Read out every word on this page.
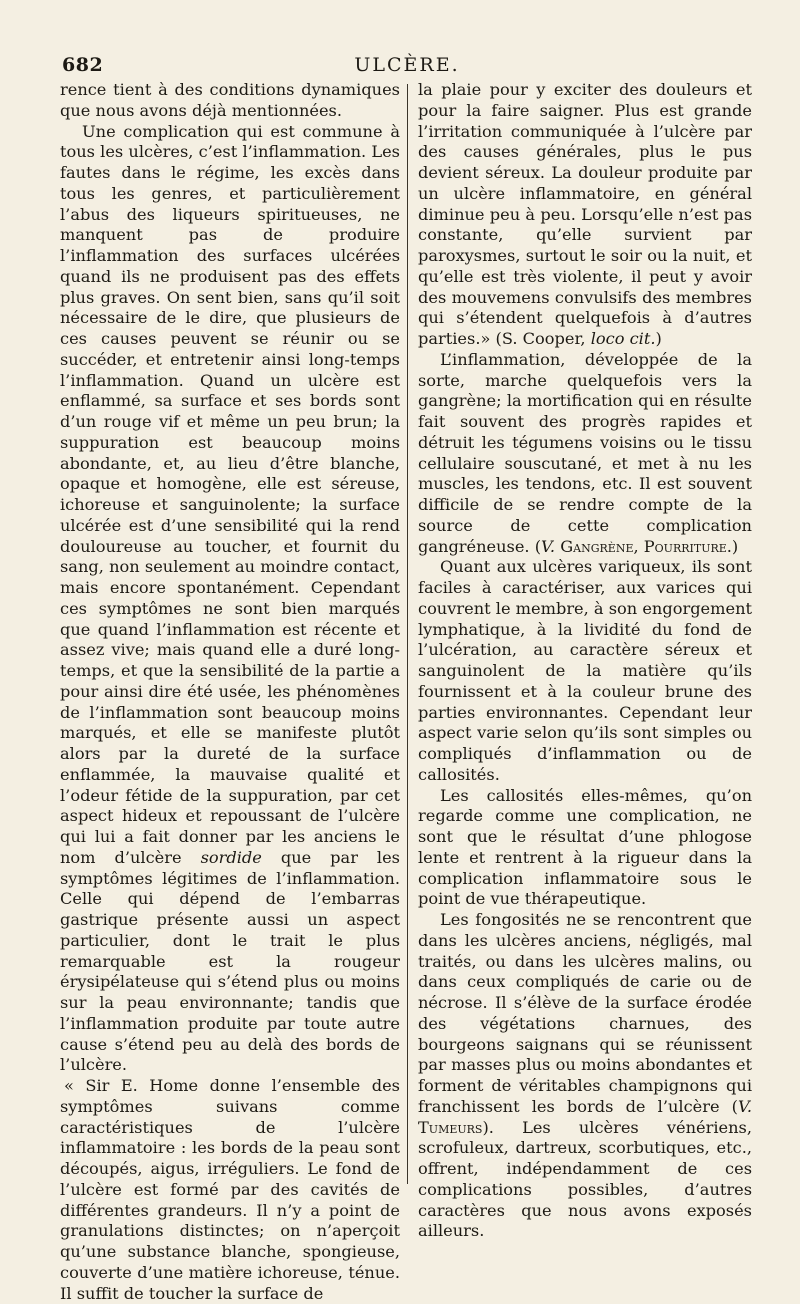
682	ULCÈRE.

rence tient à des conditions dynamiques que nous avons déjà mentionnées.

Une complication qui est commune à tous les ulcères, c’est l’inflammation. Les fautes dans le régime, les excès dans tous les genres, et particulièrement l’abus des liqueurs spiritueuses, ne manquent pas de produire l’inflammation des surfaces ulcérées quand ils ne produisent pas des effets plus graves. On sent bien, sans qu’il soit nécessaire de le dire, que plusieurs de ces causes peuvent se réunir ou se succéder, et entretenir ainsi long-temps l’inflammation. Quand un ulcère est enflammé, sa surface et ses bords sont d’un rouge vif et même un peu brun; la suppuration est beaucoup moins abondante, et, au lieu d’être blanche, opaque et homogène, elle est séreuse, ichoreuse et sanguinolente; la surface ulcérée est d’une sensibilité qui la rend douloureuse au toucher, et fournit du sang, non seulement au moindre contact, mais encore spontanément. Cependant ces symptômes ne sont bien marqués que quand l’inflammation est récente et assez vive; mais quand elle a duré long-temps, et que la sensibilité de la partie a pour ainsi dire été usée, les phénomènes de l’inflammation sont beaucoup moins marqués, et elle se manifeste plutôt alors par la dureté de la surface enflammée, la mauvaise qualité et l’odeur fétide de la suppuration, par cet aspect hideux et repoussant de l’ulcère qui lui a fait donner par les anciens le nom d’ulcère sordide que par les symptômes légitimes de l’inflammation. Celle qui dépend de l’embarras gastrique présente aussi un aspect particulier, dont le trait le plus remarquable est la rougeur érysipélateuse qui s’étend plus ou moins sur la peau environnante; tandis que l’inflammation produite par toute autre cause s’étend peu au delà des bords de l’ulcère.

« Sir E. Home donne l’ensemble des symptômes suivans comme caractéristiques de l’ulcère inflammatoire : les bords de la peau sont découpés, aigus, irréguliers. Le fond de l’ulcère est formé par des cavités de différentes grandeurs. Il n’y a point de granulations distinctes; on n’aperçoit qu’une substance blanche, spongieuse, couverte d’une matière ichoreuse, ténue. Il suffit de toucher la surface de

la plaie pour y exciter des douleurs et pour la faire saigner. Plus est grande l’irritation communiquée à l’ulcère par des causes générales, plus le pus devient séreux. La douleur produite par un ulcère inflammatoire, en général diminue peu à peu. Lorsqu’elle n’est pas constante, qu’elle survient par paroxysmes, surtout le soir ou la nuit, et qu’elle est très violente, il peut y avoir des mouvemens convulsifs des membres qui s’étendent quelquefois à d’autres parties.» (S. Cooper, loco cit.)

L’inflammation, développée de la sorte, marche quelquefois vers la gangrène; la mortification qui en résulte fait souvent des progrès rapides et détruit les tégumens voisins ou le tissu cellulaire souscutané, et met à nu les muscles, les tendons, etc. Il est souvent difficile de se rendre compte de la source de cette complication gangréneuse. (V. Gangrène, Pourriture.)

Quant aux ulcères variqueux, ils sont faciles à caractériser, aux varices qui couvrent le membre, à son engorgement lymphatique, à la lividité du fond de l’ulcération, au caractère séreux et sanguinolent de la matière qu’ils fournissent et à la couleur brune des parties environnantes. Cependant leur aspect varie selon qu’ils sont simples ou compliqués d’inflammation ou de callosités.

Les callosités elles-mêmes, qu’on regarde comme une complication, ne sont que le résultat d’une phlogose lente et rentrent à la rigueur dans la complication inflammatoire sous le point de vue thérapeutique.

Les fongosités ne se rencontrent que dans les ulcères anciens, négligés, mal traités, ou dans les ulcères malins, ou dans ceux compliqués de carie ou de nécrose. Il s’élève de la surface érodée des végétations charnues, des bourgeons saignans qui se réunissent par masses plus ou moins abondantes et forment de véritables champignons qui franchissent les bords de l’ulcère (V. Tumeurs). Les ulcères vénériens, scrofuleux, dartreux, scorbutiques, etc., offrent, indépendamment de ces complications possibles, d’autres caractères que nous avons exposés ailleurs.
